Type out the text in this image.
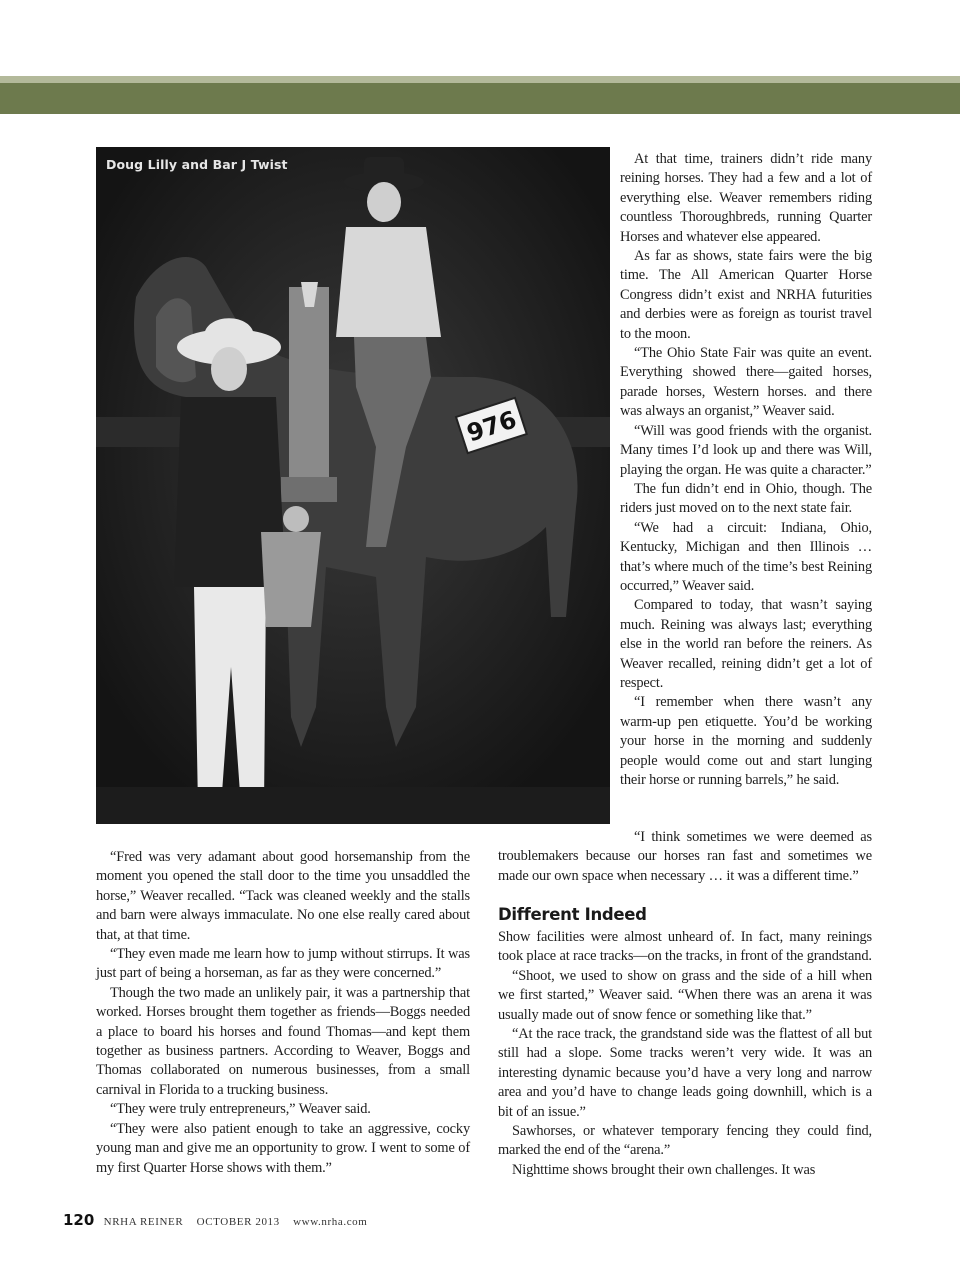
976
Doug Lilly and Bar J Twist	At that time, trainers didn’t ride many reining horses. They had a few and a lot of everything else. Weaver remembers riding countless Thoroughbreds, running Quarter Horses and whatever else appeared.

As far as shows, state fairs were the big time. The All American Quarter Horse Congress didn’t exist and NRHA futurities and derbies were as foreign as tourist travel to the moon.

“The Ohio State Fair was quite an event. Everything showed there—gaited horses, parade horses, Western horses. and there was always an organist,” Weaver said.

“Will was good friends with the organist. Many times I’d look up and there was Will, playing the organ. He was quite a character.”

The fun didn’t end in Ohio, though. The riders just moved on to the next state fair.

“We had a circuit: Indiana, Ohio, Kentucky, Michigan and then Illinois … that’s where much of the time’s best Reining occurred,” Weaver said.

Compared to today, that wasn’t saying much. Reining was always last; everything else in the world ran before the reiners. As Weaver recalled, reining didn’t get a lot of respect.

“I remember when there wasn’t any warm-up pen etiquette. You’d be working your horse in the morning and suddenly people would come out and start lunging their horse or running barrels,” he said.

“I think sometimes we were deemed as troublemakers because our horses ran fast and sometimes we made our own space when necessary … it was a different time.”

“Fred was very adamant about good horsemanship from the moment you opened the stall door to the time you unsaddled the horse,” Weaver recalled. “Tack was cleaned weekly and the stalls and barn were always immaculate. No one else really cared about that, at that time.

“They even made me learn how to jump without stirrups. It was just part of being a horseman, as far as they were concerned.”

Though the two made an unlikely pair, it was a partnership that worked. Horses brought them together as friends—Boggs needed a place to board his horses and found Thomas—and kept them together as business partners. According to Weaver, Boggs and Thomas collaborated on numerous businesses, from a small carnival in Florida to a trucking business.

“They were truly entrepreneurs,” Weaver said.

“They were also patient enough to take an aggressive, cocky young man and give me an opportunity to grow. I went to some of my first Quarter Horse shows with them.”

Different Indeed

Show facilities were almost unheard of. In fact, many reinings took place at race tracks—on the tracks, in front of the grandstand.

“Shoot, we used to show on grass and the side of a hill when we first started,” Weaver said. “When there was an arena it was usually made out of snow fence or something like that.”

“At the race track, the grandstand side was the flattest of all but still had a slope. Some tracks weren’t very wide. It was an interesting dynamic because you’d have a very long and narrow area and you’d have to change leads going downhill, which is a bit of an issue.”

Sawhorses, or whatever temporary fencing they could find, marked the end of the “arena.”

Nighttime shows brought their own challenges. It was

120 NRHA REINER OCTOBER 2013 www.nrha.com
